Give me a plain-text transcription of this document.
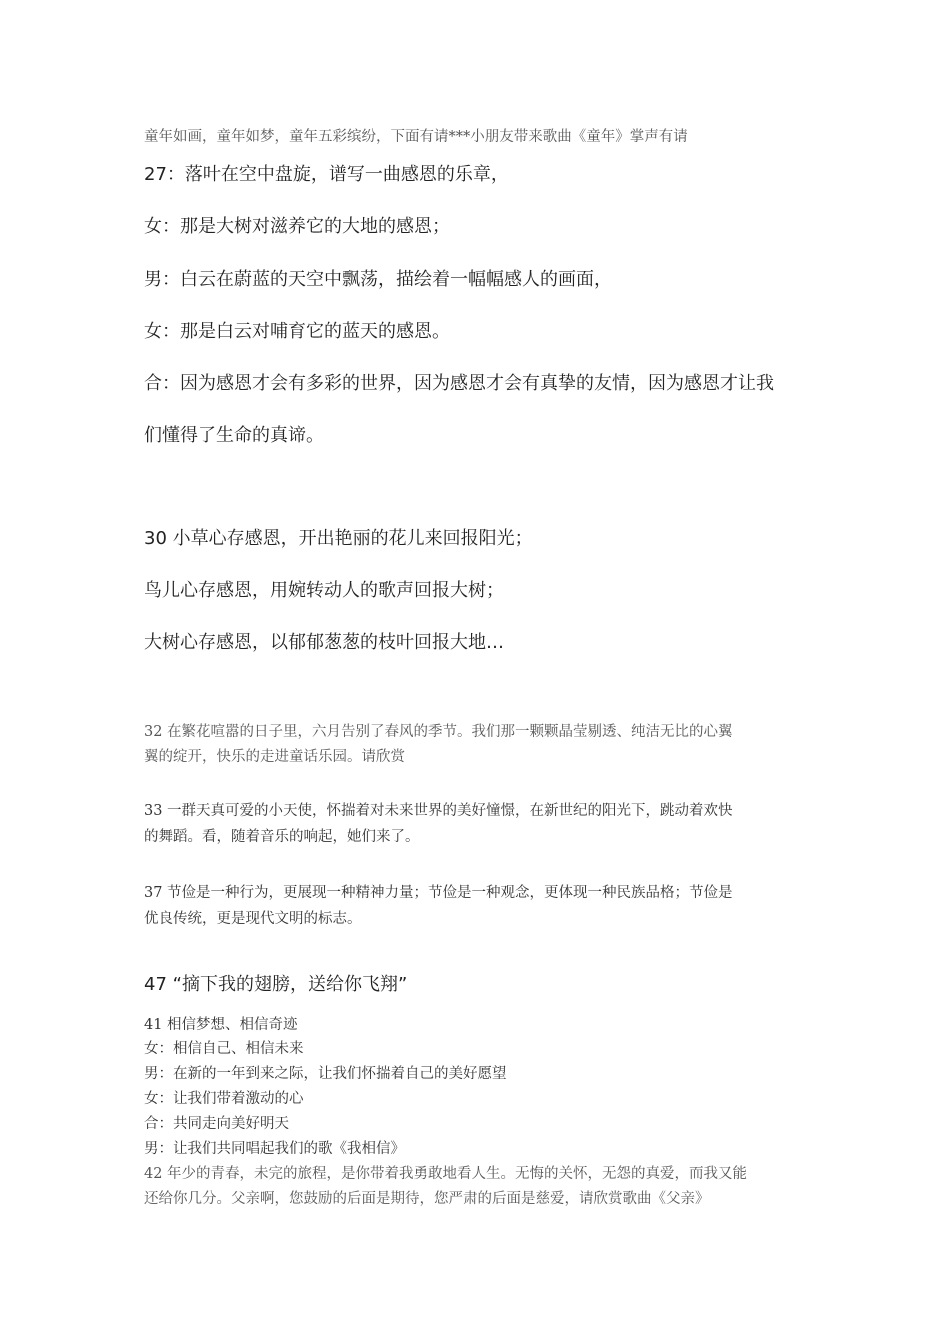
童年如画，童年如梦，童年五彩缤纷，下面有请***小朋友带来歌曲《童年》掌声有请
27：落叶在空中盘旋，谱写一曲感恩的乐章，
女：那是大树对滋养它的大地的感恩；
男：白云在蔚蓝的天空中飘荡，描绘着一幅幅感人的画面，
女：那是白云对哺育它的蓝天的感恩。
合：因为感恩才会有多彩的世界，因为感恩才会有真挚的友情，因为感恩才让我
们懂得了生命的真谛。
30 小草心存感恩，开出艳丽的花儿来回报阳光；
鸟儿心存感恩，用婉转动人的歌声回报大树；
大树心存感恩，以郁郁葱葱的枝叶回报大地…
32 在繁花喧嚣的日子里，六月告别了春风的季节。我们那一颗颗晶莹剔透、纯洁无比的心翼
翼的绽开，快乐的走进童话乐园。请欣赏
33 一群天真可爱的小天使，怀揣着对未来世界的美好憧憬，在新世纪的阳光下，跳动着欢快
的舞蹈。看，随着音乐的响起，她们来了。
37 节俭是一种行为，更展现一种精神力量；节俭是一种观念，更体现一种民族品格；节俭是
优良传统，更是现代文明的标志。
47 “摘下我的翅膀，送给你飞翔”
41 相信梦想、相信奇迹
女：相信自己、相信未来
男：在新的一年到来之际，让我们怀揣着自己的美好愿望
女：让我们带着激动的心
合：共同走向美好明天
男：让我们共同唱起我们的歌《我相信》
42 年少的青春，未完的旅程，是你带着我勇敢地看人生。无悔的关怀，无怨的真爱，而我又能
还给你几分。父亲啊，您鼓励的后面是期待，您严肃的后面是慈爱，请欣赏歌曲《父亲》
